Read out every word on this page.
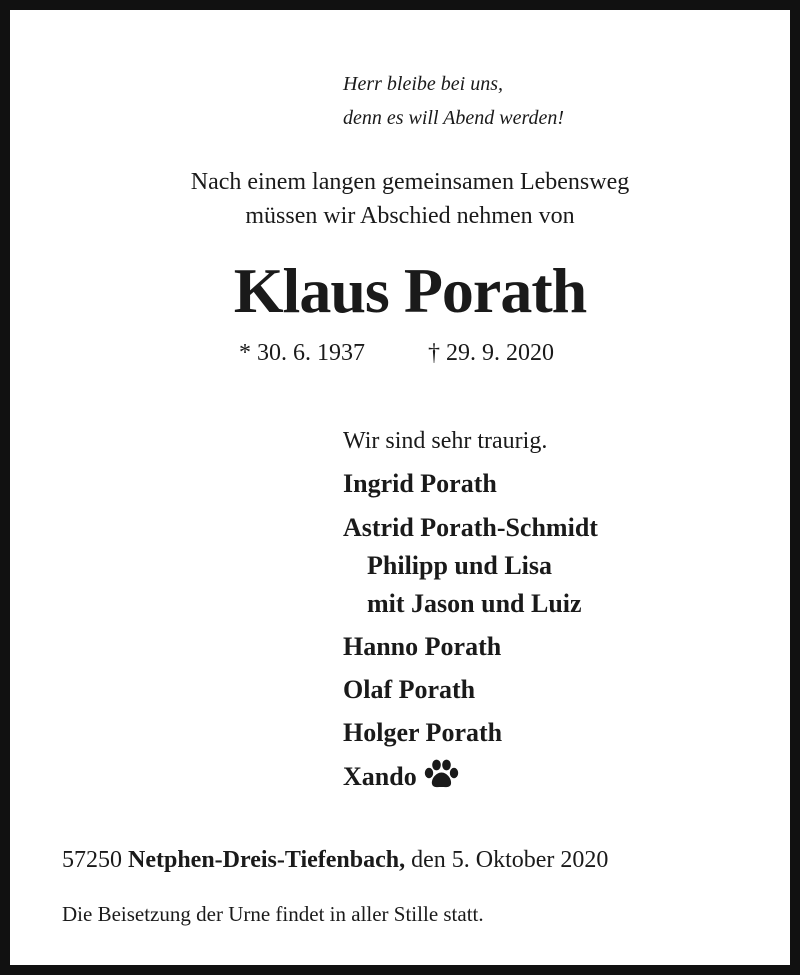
Herr bleibe bei uns,
denn es will Abend werden!
Nach einem langen gemeinsamen Lebensweg
müssen wir Abschied nehmen von
Klaus Porath
* 30. 6. 1937	† 29. 9. 2020
Wir sind sehr traurig.
Ingrid Porath
Astrid Porath-Schmidt
Philipp und Lisa
mit Jason und Luiz
Hanno Porath
Olaf Porath
Holger Porath
Xando
57250 Netphen-Dreis-Tiefenbach, den 5. Oktober 2020
Die Beisetzung der Urne findet in aller Stille statt.
